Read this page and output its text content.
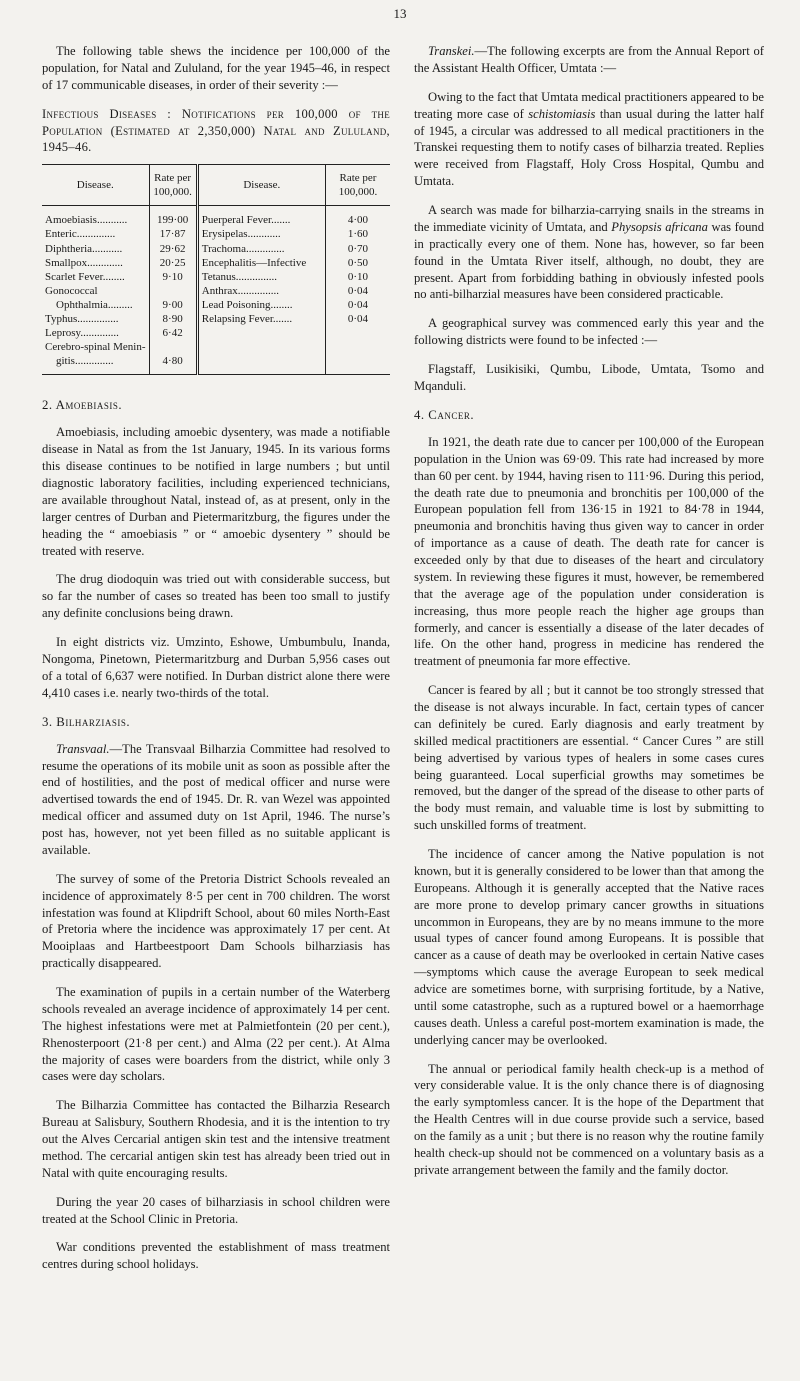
13

The following table shews the incidence per 100,000 of the population, for Natal and Zululand, for the year 1945–46, in respect of 17 communicable diseases, in order of their severity :—

Infectious Diseases : Notifications per 100,000 of the Population (Estimated at 2,350,000) Natal and Zululand, 1945–46.

Disease.	Rate per 100,000.	Disease.	Rate per 100,000.
Amoebiasis...........	199·00	Puerperal Fever.......	4·00
Enteric..............	17·87	Erysipelas............	1·60
Diphtheria...........	29·62	Trachoma..............	0·70
Smallpox.............	20·25	Encephalitis—Infective	0·50
Scarlet Fever........	9·10	Tetanus...............	0·10
Gonococcal		Anthrax...............	0·04
Ophthalmia.........	9·00	Lead Poisoning........	0·04
Typhus...............	8·90	Relapsing Fever.......	0·04
Leprosy..............	6·42		
Cerebro-spinal Menin-			
gitis..............	4·80		
2. Amoebiasis.

Amoebiasis, including amoebic dysentery, was made a notifiable disease in Natal as from the 1st January, 1945. In its various forms this disease continues to be notified in large numbers ; but until diagnostic laboratory facilities, including experienced technicians, are available throughout Natal, instead of, as at present, only in the larger centres of Durban and Pietermaritzburg, the figures under the heading the “ amoebiasis ” or “ amoebic dysentery ” should be treated with reserve.

The drug diodoquin was tried out with considerable success, but so far the number of cases so treated has been too small to justify any definite conclusions being drawn.

In eight districts viz. Umzinto, Eshowe, Umbumbulu, Inanda, Nongoma, Pinetown, Pietermaritzburg and Durban 5,956 cases out of a total of 6,637 were notified. In Durban district alone there were 4,410 cases i.e. nearly two-thirds of the total.

3. Bilharziasis.

Transvaal.—The Transvaal Bilharzia Committee had resolved to resume the operations of its mobile unit as soon as possible after the end of hostilities, and the post of medical officer and nurse were advertised towards the end of 1945. Dr. R. van Wezel was appointed medical officer and assumed duty on 1st April, 1946. The nurse’s post has, however, not yet been filled as no suitable applicant is available.

The survey of some of the Pretoria District Schools revealed an incidence of approximately 8·5 per cent in 700 children. The worst infestation was found at Klipdrift School, about 60 miles North-East of Pretoria where the incidence was approximately 17 per cent. At Mooiplaas and Hartbeestpoort Dam Schools bilharziasis has practically disappeared.

The examination of pupils in a certain number of the Waterberg schools revealed an average incidence of approximately 14 per cent. The highest infestations were met at Palmietfontein (20 per cent.), Rhenosterpoort (21·8 per cent.) and Alma (22 per cent.). At Alma the majority of cases were boarders from the district, while only 3 cases were day scholars.

The Bilharzia Committee has contacted the Bilharzia Research Bureau at Salisbury, Southern Rhodesia, and it is the intention to try out the Alves Cercarial antigen skin test and the intensive treatment method. The cercarial antigen skin test has already been tried out in Natal with quite encouraging results.

During the year 20 cases of bilharziasis in school children were treated at the School Clinic in Pretoria.

War conditions prevented the establishment of mass treatment centres during school holidays.

Transkei.—The following excerpts are from the Annual Report of the Assistant Health Officer, Umtata :—

Owing to the fact that Umtata medical practitioners appeared to be treating more case of schistomiasis than usual during the latter half of 1945, a circular was addressed to all medical practitioners in the Transkei requesting them to notify cases of bilharzia treated. Replies were received from Flagstaff, Holy Cross Hospital, Qumbu and Umtata.

A search was made for bilharzia-carrying snails in the streams in the immediate vicinity of Umtata, and Physopsis africana was found in practically every one of them. None has, however, so far been found in the Umtata River itself, although, no doubt, they are present. Apart from forbidding bathing in obviously infested pools no anti-bilharzial measures have been considered practicable.

A geographical survey was commenced early this year and the following districts were found to be infected :—

Flagstaff, Lusikisiki, Qumbu, Libode, Umtata, Tsomo and Mqanduli.

4. Cancer.

In 1921, the death rate due to cancer per 100,000 of the European population in the Union was 69·09. This rate had increased by more than 60 per cent. by 1944, having risen to 111·96. During this period, the death rate due to pneumonia and bronchitis per 100,000 of the European population fell from 136·15 in 1921 to 84·78 in 1944, pneumonia and bronchitis having thus given way to cancer in order of importance as a cause of death. The death rate for cancer is exceeded only by that due to diseases of the heart and circulatory system. In reviewing these figures it must, however, be remembered that the average age of the population under consideration is increasing, thus more people reach the higher age groups than formerly, and cancer is essentially a disease of the later decades of life. On the other hand, progress in medicine has rendered the treatment of pneumonia far more effective.

Cancer is feared by all ; but it cannot be too strongly stressed that the disease is not always incurable. In fact, certain types of cancer can definitely be cured. Early diagnosis and early treatment by skilled medical practitioners are essential. “ Cancer Cures ” are still being advertised by various types of healers in some cases cures being guaranteed. Local superficial growths may sometimes be removed, but the danger of the spread of the disease to other parts of the body must remain, and valuable time is lost by submitting to such unskilled forms of treatment.

The incidence of cancer among the Native population is not known, but it is generally considered to be lower than that among the Europeans. Although it is generally accepted that the Native races are more prone to develop primary cancer growths in situations uncommon in Europeans, they are by no means immune to the more usual types of cancer found among Europeans. It is possible that cancer as a cause of death may be overlooked in certain Native cases—symptoms which cause the average European to seek medical advice are sometimes borne, with surprising fortitude, by a Native, until some catastrophe, such as a ruptured bowel or a haemorrhage causes death. Unless a careful post-mortem examination is made, the underlying cancer may be overlooked.

The annual or periodical family health check-up is a method of very considerable value. It is the only chance there is of diagnosing the early symptomless cancer. It is the hope of the Department that the Health Centres will in due course provide such a service, based on the family as a unit ; but there is no reason why the routine family health check-up should not be commenced on a voluntary basis as a private arrangement between the family and the family doctor.
